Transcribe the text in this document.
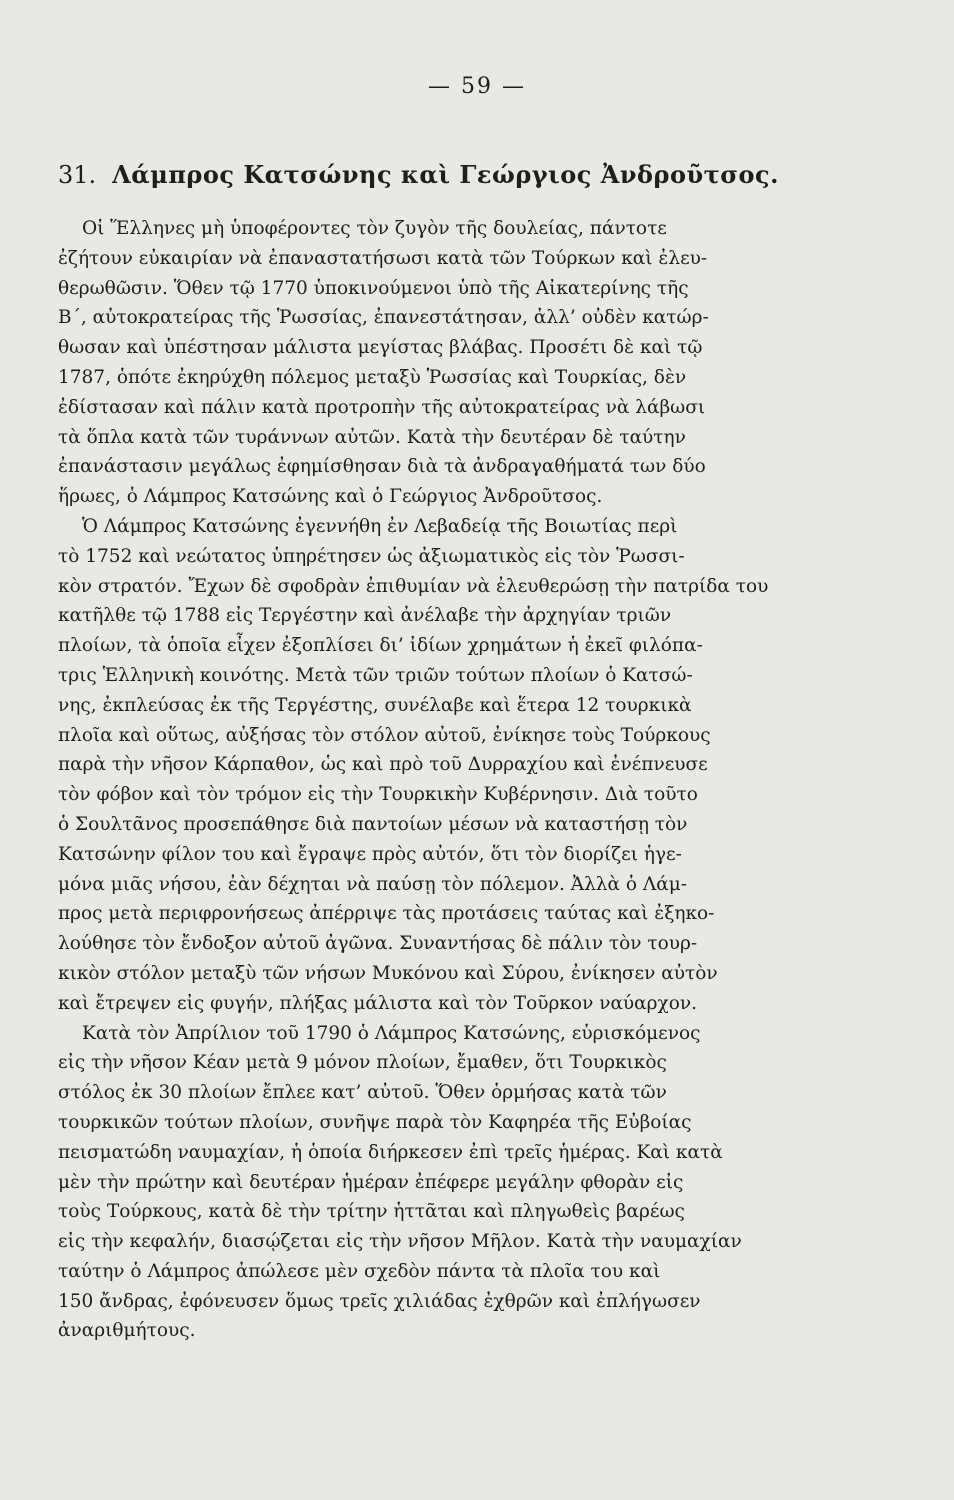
— 59 —
31. Λάμπρος Κατσώνης καὶ Γεώργιος Ἀνδροῦτσος.
Οἱ Ἕλληνες μὴ ὑποφέροντες τὸν ζυγὸν τῆς δουλείας, πάντοτε
ἐζήτουν εὐκαιρίαν νὰ ἐπαναστατήσωσι κατὰ τῶν Τούρκων καὶ ἐλευ-
θερωθῶσιν. Ὅθεν τῷ 1770 ὑποκινούμενοι ὑπὸ τῆς Αἰκατερίνης τῆς
Β΄, αὐτοκρατείρας τῆς Ῥωσσίας, ἐπανεστάτησαν, ἀλλ’ οὐδὲν κατώρ-
θωσαν καὶ ὑπέστησαν μάλιστα μεγίστας βλάβας. Προσέτι δὲ καὶ τῷ
1787, ὁπότε ἐκηρύχθη πόλεμος μεταξὺ Ῥωσσίας καὶ Τουρκίας, δὲν
ἐδίστασαν καὶ πάλιν κατὰ προτροπὴν τῆς αὐτοκρατείρας νὰ λάβωσι
τὰ ὅπλα κατὰ τῶν τυράννων αὐτῶν. Κατὰ τὴν δευτέραν δὲ ταύτην
ἐπανάστασιν μεγάλως ἐφημίσθησαν διὰ τὰ ἀνδραγαθήματά των δύο
ἥρωες, ὁ Λάμπρος Κατσώνης καὶ ὁ Γεώργιος Ἀνδροῦτσος.
Ὁ Λάμπρος Κατσώνης ἐγεννήθη ἐν Λεβαδείᾳ τῆς Βοιωτίας περὶ
τὸ 1752 καὶ νεώτατος ὑπηρέτησεν ὡς ἀξιωματικὸς εἰς τὸν Ῥωσσι-
κὸν στρατόν. Ἔχων δὲ σφοδρὰν ἐπιθυμίαν νὰ ἐλευθερώσῃ τὴν πατρίδα του
κατῆλθε τῷ 1788 εἰς Τεργέστην καὶ ἀνέλαβε τὴν ἀρχηγίαν τριῶν
πλοίων, τὰ ὁποῖα εἶχεν ἐξοπλίσει δι’ ἰδίων χρημάτων ἡ ἐκεῖ φιλόπα-
τρις Ἑλληνικὴ κοινότης. Μετὰ τῶν τριῶν τούτων πλοίων ὁ Κατσώ-
νης, ἐκπλεύσας ἐκ τῆς Τεργέστης, συνέλαβε καὶ ἕτερα 12 τουρκικὰ
πλοῖα καὶ οὕτως, αὐξήσας τὸν στόλον αὐτοῦ, ἐνίκησε τοὺς Τούρκους
παρὰ τὴν νῆσον Κάρπαθον, ὡς καὶ πρὸ τοῦ Δυρραχίου καὶ ἐνέπνευσε
τὸν φόβον καὶ τὸν τρόμον εἰς τὴν Τουρκικὴν Κυβέρνησιν. Διὰ τοῦτο
ὁ Σουλτᾶνος προσεπάθησε διὰ παντοίων μέσων νὰ καταστήσῃ τὸν
Κατσώνην φίλον του καὶ ἔγραψε πρὸς αὐτόν, ὅτι τὸν διορίζει ἡγε-
μόνα μιᾶς νήσου, ἐὰν δέχηται νὰ παύσῃ τὸν πόλεμον. Ἀλλὰ ὁ Λάμ-
προς μετὰ περιφρονήσεως ἀπέρριψε τὰς προτάσεις ταύτας καὶ ἐξηκο-
λούθησε τὸν ἔνδοξον αὐτοῦ ἀγῶνα. Συναντήσας δὲ πάλιν τὸν τουρ-
κικὸν στόλον μεταξὺ τῶν νήσων Μυκόνου καὶ Σύρου, ἐνίκησεν αὐτὸν
καὶ ἔτρεψεν εἰς φυγήν, πλήξας μάλιστα καὶ τὸν Τοῦρκον ναύαρχον.
Κατὰ τὸν Ἀπρίλιον τοῦ 1790 ὁ Λάμπρος Κατσώνης, εὑρισκόμενος
εἰς τὴν νῆσον Κέαν μετὰ 9 μόνον πλοίων, ἔμαθεν, ὅτι Τουρκικὸς
στόλος ἐκ 30 πλοίων ἔπλεε κατ’ αὐτοῦ. Ὅθεν ὁρμήσας κατὰ τῶν
τουρκικῶν τούτων πλοίων, συνῆψε παρὰ τὸν Καφηρέα τῆς Εὐβοίας
πεισματώδη ναυμαχίαν, ἡ ὁποία διήρκεσεν ἐπὶ τρεῖς ἡμέρας. Καὶ κατὰ
μὲν τὴν πρώτην καὶ δευτέραν ἡμέραν ἐπέφερε μεγάλην φθορὰν εἰς
τοὺς Τούρκους, κατὰ δὲ τὴν τρίτην ἡττᾶται καὶ πληγωθεὶς βαρέως
εἰς τὴν κεφαλήν, διασῴζεται εἰς τὴν νῆσον Μῆλον. Κατὰ τὴν ναυμαχίαν
ταύτην ὁ Λάμπρος ἀπώλεσε μὲν σχεδὸν πάντα τὰ πλοῖα του καὶ
150 ἄνδρας, ἐφόνευσεν ὅμως τρεῖς χιλιάδας ἐχθρῶν καὶ ἐπλήγωσεν
ἀναριθμήτους.
